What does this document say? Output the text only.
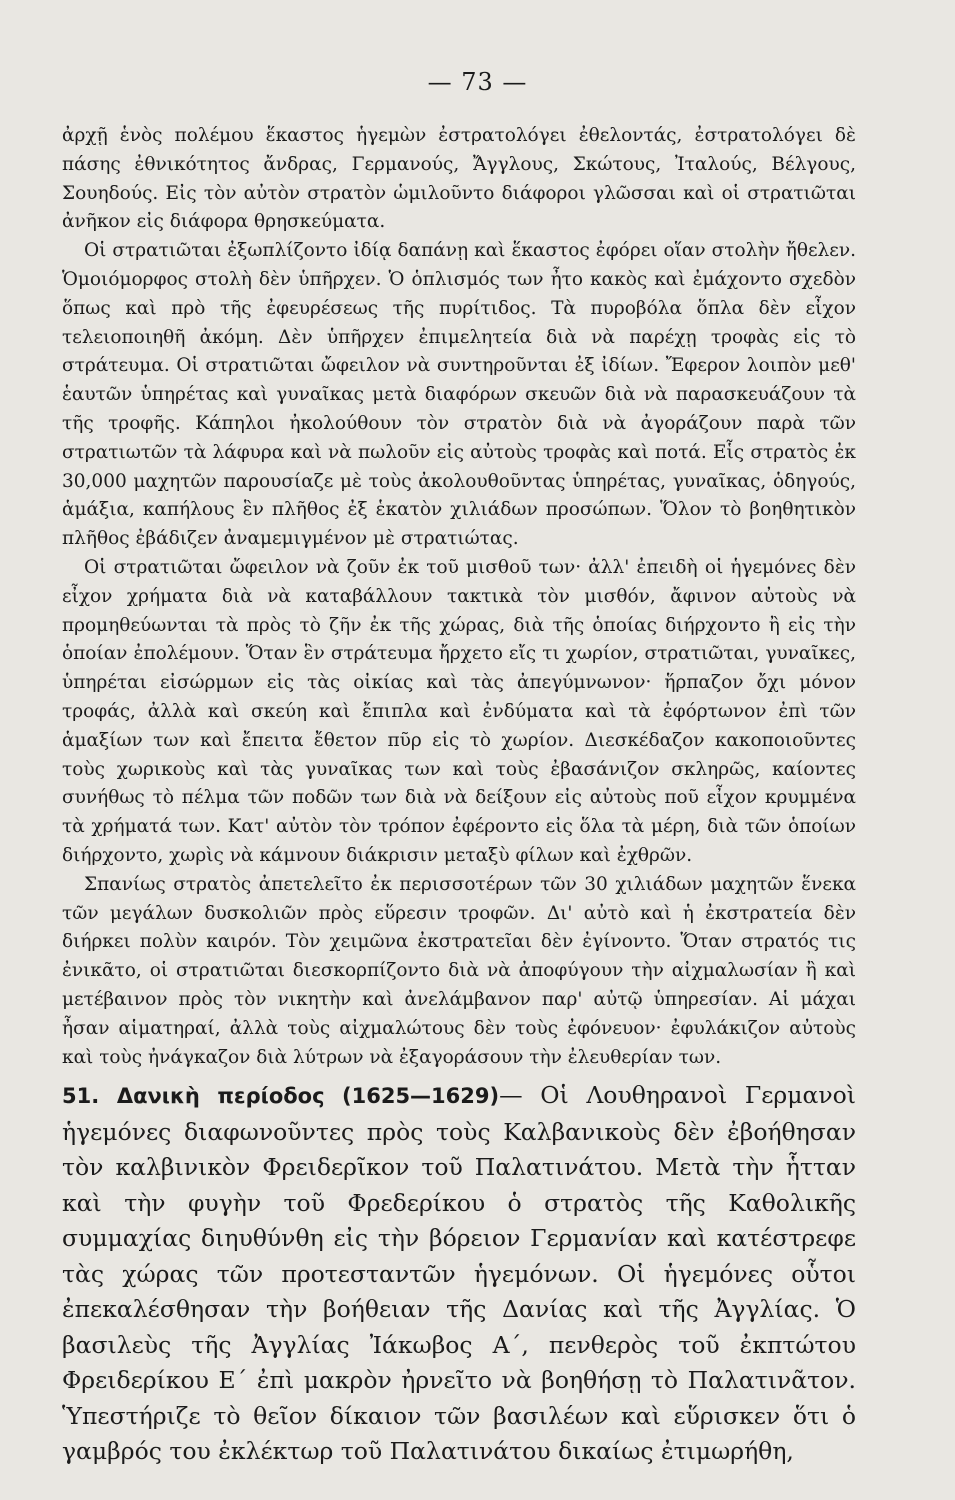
— 73 —

ἀρχῇ ἑνὸς πολέμου ἕκαστος ἡγεμὼν ἐστρατολόγει ἐθελοντάς, ἐστρατολόγει δὲ πάσης ἐθνικότητος ἄνδρας, Γερμανούς, Ἄγγλους, Σκώτους, Ἰταλούς, Βέλγους, Σουηδούς. Εἰς τὸν αὐτὸν στρατὸν ὡμιλοῦντο διάφοροι γλῶσσαι καὶ οἱ στρατιῶται ἀνῆκον εἰς διάφορα θρησκεύματα.

Οἱ στρατιῶται ἐξωπλίζοντο ἰδίᾳ δαπάνῃ καὶ ἕκαστος ἐφόρει οἵαν στολὴν ἤθελεν. Ὁμοιόμορφος στολὴ δὲν ὑπῆρχεν. Ὁ ὁπλισμός των ἦτο κακὸς καὶ ἐμάχοντο σχεδὸν ὅπως καὶ πρὸ τῆς ἐφευρέσεως τῆς πυρίτιδος. Τὰ πυροβόλα ὅπλα δὲν εἶχον τελειοποιηθῆ ἀκόμη. Δὲν ὑπῆρχεν ἐπιμελητεία διὰ νὰ παρέχῃ τροφὰς εἰς τὸ στράτευμα. Οἱ στρατιῶται ὤφειλον νὰ συντηροῦνται ἐξ ἰδίων. Ἔφερον λοιπὸν μεθ' ἑαυτῶν ὑπηρέτας καὶ γυναῖκας μετὰ διαφόρων σκευῶν διὰ νὰ παρασκευάζουν τὰ τῆς τροφῆς. Κάπηλοι ἠκολούθουν τὸν στρατὸν διὰ νὰ ἀγοράζουν παρὰ τῶν στρατιωτῶν τὰ λάφυρα καὶ νὰ πωλοῦν εἰς αὐτοὺς τροφὰς καὶ ποτά. Εἷς στρατὸς ἐκ 30,000 μαχητῶν παρουσίαζε μὲ τοὺς ἀκολουθοῦντας ὑπηρέτας, γυναῖκας, ὁδηγούς, ἁμάξια, καπήλους ἓν πλῆθος ἐξ ἑκατὸν χιλιάδων προσώπων. Ὅλον τὸ βοηθητικὸν πλῆθος ἐβάδιζεν ἀναμεμιγμένον μὲ στρατιώτας.

Οἱ στρατιῶται ὤφειλον νὰ ζοῦν ἐκ τοῦ μισθοῦ των· ἀλλ' ἐπειδὴ οἱ ἡγεμόνες δὲν εἶχον χρήματα διὰ νὰ καταβάλλουν τακτικὰ τὸν μισθόν, ἄφινον αὐτοὺς νὰ προμηθεύωνται τὰ πρὸς τὸ ζῆν ἐκ τῆς χώρας, διὰ τῆς ὁποίας διήρχοντο ἢ εἰς τὴν ὁποίαν ἐπολέμουν. Ὅταν ἓν στράτευμα ἤρχετο εἴς τι χωρίον, στρατιῶται, γυναῖκες, ὑπηρέται εἰσώρμων εἰς τὰς οἰκίας καὶ τὰς ἀπεγύμνωνον· ἥρπαζον ὄχι μόνον τροφάς, ἀλλὰ καὶ σκεύη καὶ ἔπιπλα καὶ ἐνδύματα καὶ τὰ ἐφόρτωνον ἐπὶ τῶν ἁμαξίων των καὶ ἔπειτα ἔθετον πῦρ εἰς τὸ χωρίον. Διεσκέδαζον κακοποιοῦντες τοὺς χωρικοὺς καὶ τὰς γυναῖκας των καὶ τοὺς ἐβασάνιζον σκληρῶς, καίοντες συνήθως τὸ πέλμα τῶν ποδῶν των διὰ νὰ δείξουν εἰς αὐτοὺς ποῦ εἶχον κρυμμένα τὰ χρήματά των. Κατ' αὐτὸν τὸν τρόπον ἐφέροντο εἰς ὅλα τὰ μέρη, διὰ τῶν ὁποίων διήρχοντο, χωρὶς νὰ κάμνουν διάκρισιν μεταξὺ φίλων καὶ ἐχθρῶν.

Σπανίως στρατὸς ἀπετελεῖτο ἐκ περισσοτέρων τῶν 30 χιλιάδων μαχητῶν ἕνεκα τῶν μεγάλων δυσκολιῶν πρὸς εὕρεσιν τροφῶν. Δι' αὐτὸ καὶ ἡ ἐκστρατεία δὲν διήρκει πολὺν καιρόν. Τὸν χειμῶνα ἐκστρατεῖαι δὲν ἐγίνοντο. Ὅταν στρατός τις ἐνικᾶτο, οἱ στρατιῶται διεσκορπίζοντο διὰ νὰ ἀποφύγουν τὴν αἰχμαλωσίαν ἢ καὶ μετέβαινον πρὸς τὸν νικητὴν καὶ ἀνελάμβανον παρ' αὐτῷ ὑπηρεσίαν. Αἱ μάχαι ἦσαν αἱματηραί, ἀλλὰ τοὺς αἰχμαλώτους δὲν τοὺς ἐφόνευον· ἐφυλάκιζον αὐτοὺς καὶ τοὺς ἠνάγκαζον διὰ λύτρων νὰ ἐξαγοράσουν τὴν ἐλευθερίαν των.

51. Δανικὴ περίοδος (1625—1629)— Οἱ Λουθηρανοὶ Γερμανοὶ ἡγεμόνες διαφωνοῦντες πρὸς τοὺς Καλβανικοὺς δὲν ἐβοήθησαν τὸν καλβινικὸν Φρειδερῖκον τοῦ Παλατινάτου. Μετὰ τὴν ἧτταν καὶ τὴν φυγὴν τοῦ Φρεδερίκου ὁ στρατὸς τῆς Καθολικῆς συμμαχίας διηυθύνθη εἰς τὴν βόρειον Γερμανίαν καὶ κατέστρεφε τὰς χώρας τῶν προτεσταντῶν ἡγεμόνων. Οἱ ἡγεμόνες οὗτοι ἐπεκαλέσθησαν τὴν βοήθειαν τῆς Δανίας καὶ τῆς Ἀγγλίας. Ὁ βασιλεὺς τῆς Ἀγγλίας Ἰάκωβος Α΄, πενθερὸς τοῦ ἐκπτώτου Φρειδερίκου Ε΄ ἐπὶ μακρὸν ἠρνεῖτο νὰ βοηθήσῃ τὸ Παλατινᾶτον. Ὑπεστήριζε τὸ θεῖον δίκαιον τῶν βασιλέων καὶ εὕρισκεν ὅτι ὁ γαμβρός του ἐκλέκτωρ τοῦ Παλατινάτου δικαίως ἐτιμωρήθη,
